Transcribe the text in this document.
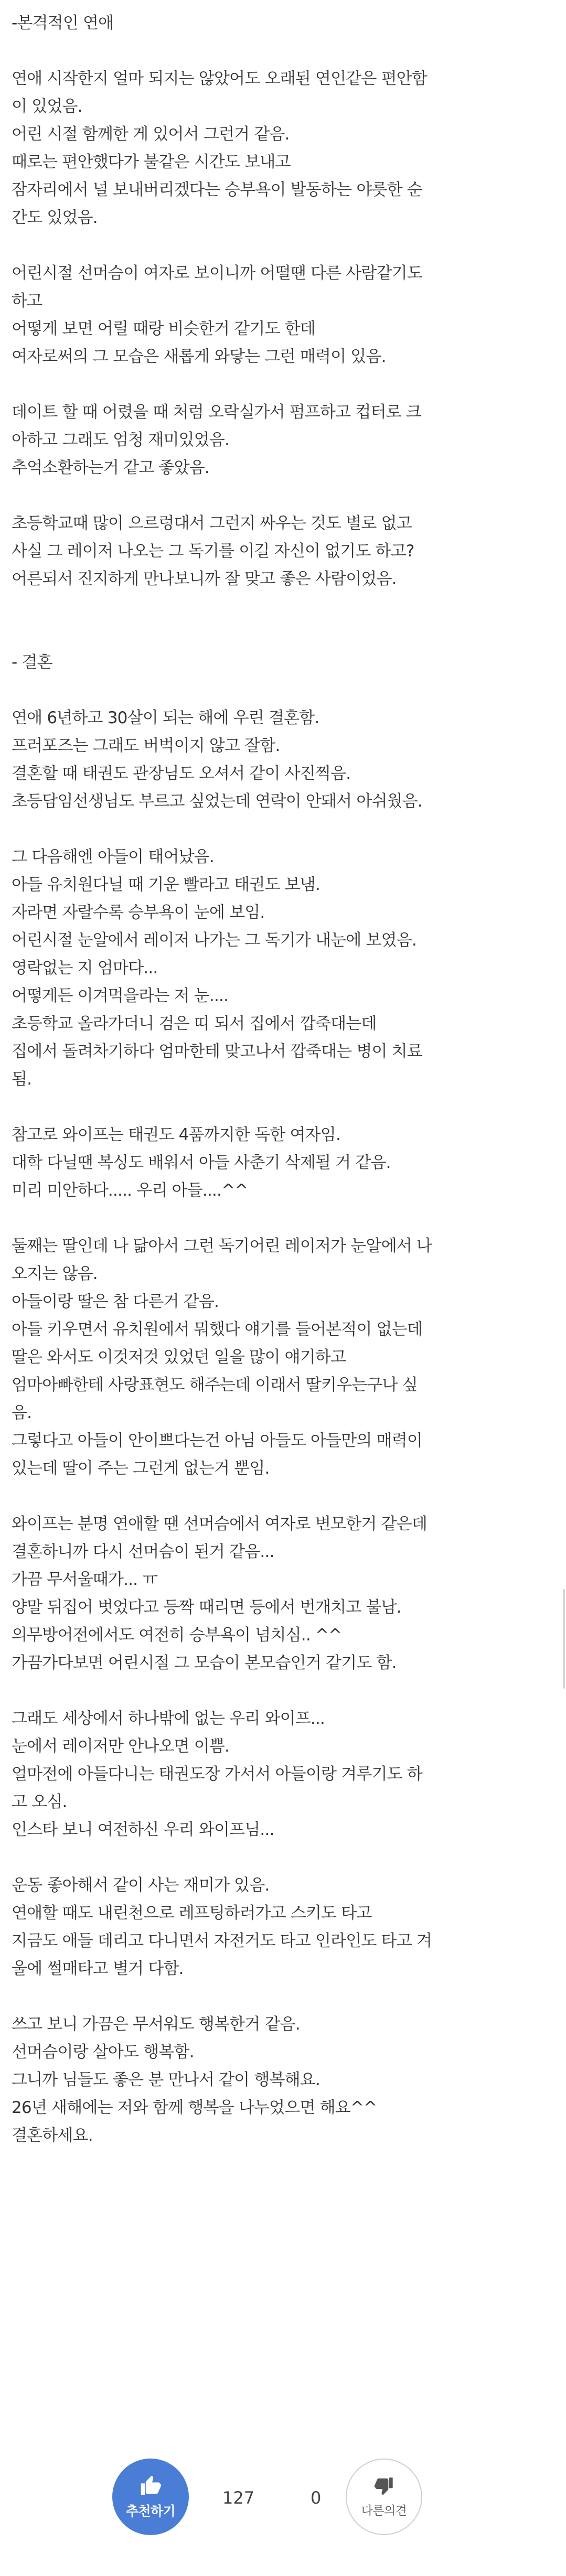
-본격적인 연애
연애 시작한지 얼마 되지는 않았어도 오래된 연인같은 편안함
이 있었음.
어린 시절 함께한 게 있어서 그런거 같음.
때로는 편안했다가 불같은 시간도 보내고
잠자리에서 널 보내버리겠다는 승부욕이 발동하는 야릇한 순
간도 있었음.
어린시절 선머슴이 여자로 보이니까 어떨땐 다른 사람같기도
하고
어떻게 보면 어릴 때랑 비슷한거 같기도 한데
여자로써의 그 모습은 새롭게 와닿는 그런 매력이 있음.
데이트 할 때 어렸을 때 처럼 오락실가서 펌프하고 컵터로 크
아하고 그래도 엄청 재미있었음.
추억소환하는거 같고 좋았음.
초등학교때 많이 으르렁대서 그런지 싸우는 것도 별로 없고
사실 그 레이저 나오는 그 독기를 이길 자신이 없기도 하고?
어른되서 진지하게 만나보니까 잘 맞고 좋은 사람이었음.
- 결혼
연애 6년하고 30살이 되는 해에 우린 결혼함.
프러포즈는 그래도 버벅이지 않고 잘함.
결혼할 때 태권도 관장님도 오셔서 같이 사진찍음.
초등담임선생님도 부르고 싶었는데 연락이 안돼서 아쉬웠음.
그 다음해엔 아들이 태어났음.
아들 유치원다닐 때 기운 빨라고 태권도 보냄.
자라면 자랄수록 승부욕이 눈에 보임.
어린시절 눈알에서 레이저 나가는 그 독기가 내눈에 보였음.
영락없는 지 엄마다...
어떻게든 이겨먹을라는 저 눈....
초등학교 올라가더니 검은 띠 되서 집에서 깝죽대는데
집에서 돌려차기하다 엄마한테 맞고나서 깝죽대는 병이 치료
됨.
참고로 와이프는 태권도 4품까지한 독한 여자임.
대학 다닐땐 복싱도 배워서 아들 사춘기 삭제될 거 같음.
미리 미안하다..... 우리 아들....^^
둘째는 딸인데 나 닮아서 그런 독기어린 레이저가 눈알에서 나
오지는 않음.
아들이랑 딸은 참 다른거 같음.
아들 키우면서 유치원에서 뭐했다 얘기를 들어본적이 없는데
딸은 와서도 이것저것 있었던 일을 많이 얘기하고
엄마아빠한테 사랑표현도 해주는데 이래서 딸키우는구나 싶
음.
그렇다고 아들이 안이쁘다는건 아님 아들도 아들만의 매력이
있는데 딸이 주는 그런게 없는거 뿐임.
와이프는 분명 연애할 땐 선머슴에서 여자로 변모한거 같은데
결혼하니까 다시 선머슴이 된거 같음...
가끔 무서울때가... ㅠ
양말 뒤집어 벗었다고 등짝 때리면 등에서 번개치고 불남.
의무방어전에서도 여전히 승부욕이 넘치심.. ^^
가끔가다보면 어린시절 그 모습이 본모습인거 같기도 함.
그래도 세상에서 하나밖에 없는 우리 와이프...
눈에서 레이저만 안나오면 이쁨.
얼마전에 아들다니는 태권도장 가서서 아들이랑 겨루기도 하
고 오심.
인스타 보니 여전하신 우리 와이프님...
운동 좋아해서 같이 사는 재미가 있음.
연애할 때도 내린천으로 레프팅하러가고 스키도 타고
지금도 애들 데리고 다니면서 자전거도 타고 인라인도 타고 겨
울에 썰매타고 별거 다함.
쓰고 보니 가끔은 무서워도 행복한거 같음.
선머슴이랑 살아도 행복함.
그니까 님들도 좋은 분 만나서 같이 행복해요.
26년 새해에는 저와 함께 행복을 나누었으면 해요^^
결혼하세요.
추천하기
127	0
다른의견
